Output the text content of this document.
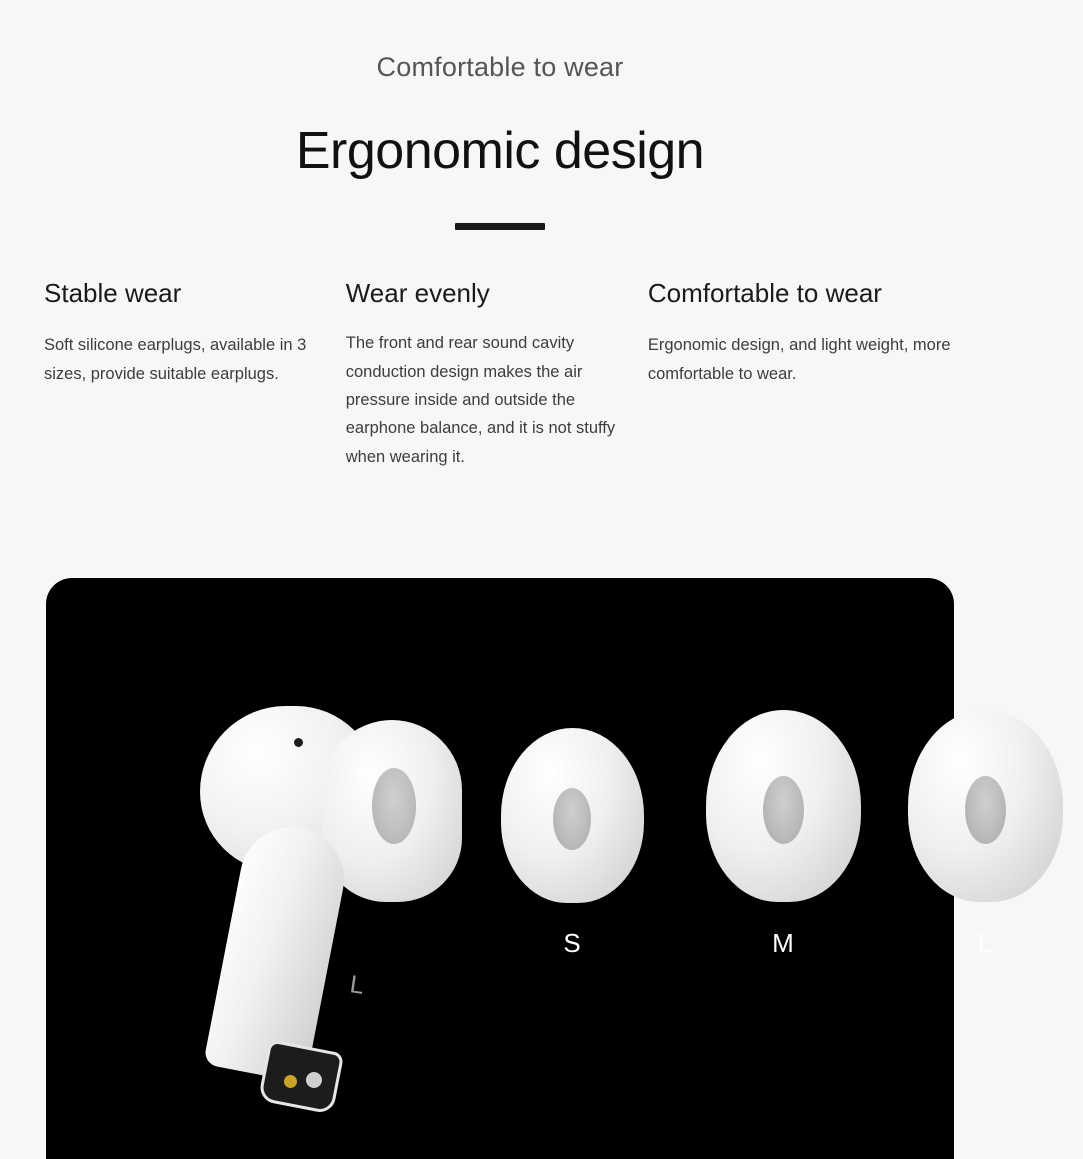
Comfortable to wear
Ergonomic design
Stable wear

Soft silicone earplugs, available in 3 sizes, provide suitable earplugs.

Wear evenly

The front and rear sound cavity conduction design makes the air pressure inside and outside the earphone balance, and it is not stuffy when wearing it.

Comfortable to wear

Ergonomic design, and light weight, more comfortable to wear.

L
S	M	L
